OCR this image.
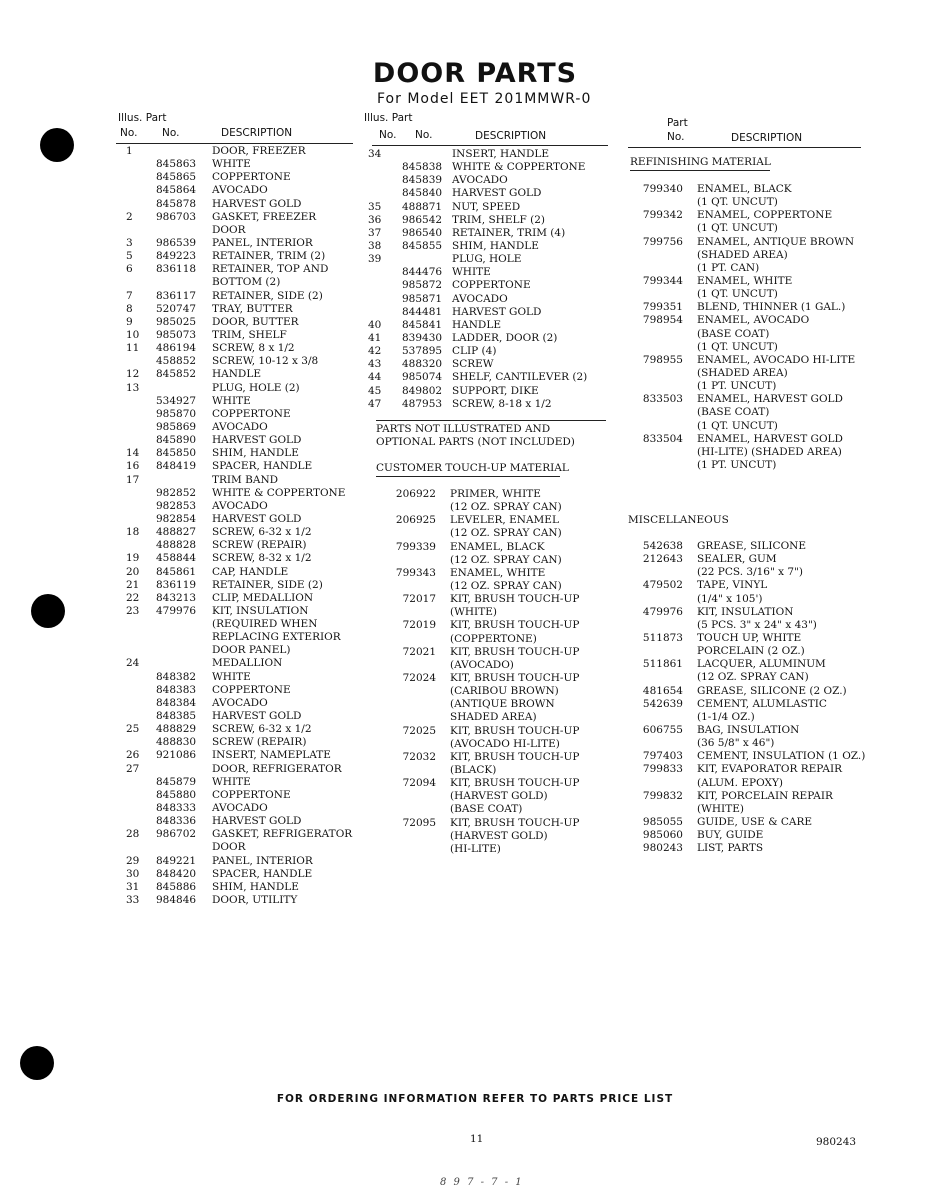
DOOR PARTS
For Model EET 201MMWR-0
Illus. Part
No. No.	DESCRIPTION
1	DOOR, FREEZER
845863 WHITE
845865 COPPERTONE
845864 AVOCADO
845878 HARVEST GOLD
2 986703 GASKET, FREEZER
DOOR
3 986539 PANEL, INTERIOR
5 849223 RETAINER, TRIM (2)
6 836118 RETAINER, TOP AND
BOTTOM (2)
7 836117 RETAINER, SIDE (2)
8 520747 TRAY, BUTTER
9 985025 DOOR, BUTTER
10 985073 TRIM, SHELF
11 486194 SCREW, 8 x 1/2
458852 SCREW, 10-12 x 3/8
12 845852 HANDLE
13	PLUG, HOLE (2)
534927 WHITE
985870 COPPERTONE
985869 AVOCADO
845890 HARVEST GOLD
14 845850 SHIM, HANDLE
16 848419 SPACER, HANDLE
17	TRIM BAND
982852 WHITE & COPPERTONE
982853 AVOCADO
982854 HARVEST GOLD
18 488827 SCREW, 6-32 x 1/2
488828 SCREW (REPAIR)
19 458844 SCREW, 8-32 x 1/2
20 845861 CAP, HANDLE
21 836119 RETAINER, SIDE (2)
22 843213 CLIP, MEDALLION
23 479976 KIT, INSULATION
(REQUIRED WHEN
REPLACING EXTERIOR
DOOR PANEL)
24	MEDALLION
848382 WHITE
848383 COPPERTONE
848384 AVOCADO
848385 HARVEST GOLD
25 488829 SCREW, 6-32 x 1/2
488830 SCREW (REPAIR)
26 921086 INSERT, NAMEPLATE
27	DOOR, REFRIGERATOR
845879 WHITE
845880 COPPERTONE
848333 AVOCADO
848336 HARVEST GOLD
28 986702 GASKET, REFRIGERATOR
DOOR
29 849221 PANEL, INTERIOR
30 848420 SPACER, HANDLE
31 845886 SHIM, HANDLE
33 984846 DOOR, UTILITY
Illus. Part
No. No.	DESCRIPTION
34	INSERT, HANDLE
845838 WHITE & COPPERTONE
845839 AVOCADO
845840 HARVEST GOLD
35 488871 NUT, SPEED
36 986542 TRIM, SHELF (2)
37 986540 RETAINER, TRIM (4)
38 845855 SHIM, HANDLE
39	PLUG, HOLE
844476 WHITE
985872 COPPERTONE
985871 AVOCADO
844481 HARVEST GOLD
40 845841 HANDLE
41 839430 LADDER, DOOR (2)
42 537895 CLIP (4)
43 488320 SCREW
44 985074 SHELF, CANTILEVER (2)
45 849802 SUPPORT, DIKE
47 487953 SCREW, 8-18 x 1/2
PARTS NOT ILLUSTRATED AND
OPTIONAL PARTS (NOT INCLUDED)
CUSTOMER TOUCH-UP MATERIAL
206922 PRIMER, WHITE
(12 OZ. SPRAY CAN)
206925 LEVELER, ENAMEL
(12 OZ. SPRAY CAN)
799339 ENAMEL, BLACK
(12 OZ. SPRAY CAN)
799343 ENAMEL, WHITE
(12 OZ. SPRAY CAN)
72017 KIT, BRUSH TOUCH-UP
(WHITE)
72019 KIT, BRUSH TOUCH-UP
(COPPERTONE)
72021 KIT, BRUSH TOUCH-UP
(AVOCADO)
72024 KIT, BRUSH TOUCH-UP
(CARIBOU BROWN)
(ANTIQUE BROWN
SHADED AREA)
72025 KIT, BRUSH TOUCH-UP
(AVOCADO HI-LITE)
72032 KIT, BRUSH TOUCH-UP
(BLACK)
72094 KIT, BRUSH TOUCH-UP
(HARVEST GOLD)
(BASE COAT)
72095 KIT, BRUSH TOUCH-UP
(HARVEST GOLD)
(HI-LITE)
Part
No.	DESCRIPTION
REFINISHING MATERIAL
799340 ENAMEL, BLACK
(1 QT. UNCUT)
799342 ENAMEL, COPPERTONE
(1 QT. UNCUT)
799756 ENAMEL, ANTIQUE BROWN
(SHADED AREA)
(1 PT. CAN)
799344 ENAMEL, WHITE
(1 QT. UNCUT)
799351 BLEND, THINNER (1 GAL.)
798954 ENAMEL, AVOCADO
(BASE COAT)
(1 QT. UNCUT)
798955 ENAMEL, AVOCADO HI-LITE
(SHADED AREA)
(1 PT. UNCUT)
833503 ENAMEL, HARVEST GOLD
(BASE COAT)
(1 QT. UNCUT)
833504 ENAMEL, HARVEST GOLD
(HI-LITE) (SHADED AREA)
(1 PT. UNCUT)
MISCELLANEOUS
542638 GREASE, SILICONE
212643 SEALER, GUM
(22 PCS. 3/16" x 7")
479502 TAPE, VINYL
(1/4" x 105')
479976 KIT, INSULATION
(5 PCS. 3" x 24" x 43")
511873 TOUCH UP, WHITE
PORCELAIN (2 OZ.)
511861 LACQUER, ALUMINUM
(12 OZ. SPRAY CAN)
481654 GREASE, SILICONE (2 OZ.)
542639 CEMENT, ALUMLASTIC
(1-1/4 OZ.)
606755 BAG, INSULATION
(36 5/8" x 46")
797403 CEMENT, INSULATION (1 OZ.)
799833 KIT, EVAPORATOR REPAIR
(ALUM. EPOXY)
799832 KIT, PORCELAIN REPAIR
(WHITE)
985055 GUIDE, USE & CARE
985060 BUY, GUIDE
980243 LIST, PARTS
FOR ORDERING INFORMATION REFER TO PARTS PRICE LIST
11	980243
8 9 7 - 7 - 1
